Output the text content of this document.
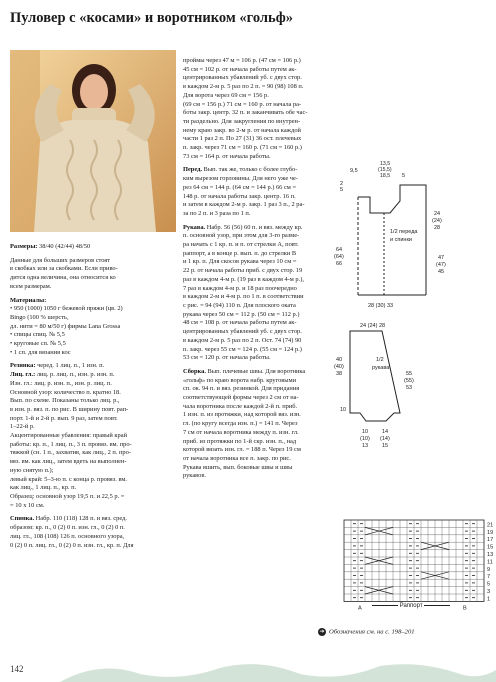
Пуловер с «косами» и воротником «гольф»
Размеры: 38/40 (42/44) 48/50
Данные для больших размеров стоят
в скобках или за скобками. Если приво-
дится одна величина, она относится ко
всем размерам.
Материалы:
• 950 (1000) 1050 г бежевой пряжи (цв. 2)
Bingo (100 % шерсть,
дл. нити = 80 м/50 г) фирмы Lana Grossa
• спицы спиц. № 5,5
• круговые сп. № 5,5
• 1 сп. для вязания кос
Резинка: чеpед. 1 лиц. п., 1 изн. п.
Лиц. гл.: лиц. р. лиц. п., изн. р. изн. п.
Изн. гл.: лиц. р. изн. п., изн. р. лиц. п.
Основной узор: количество п. кратно 18.
Вып. по схеме. Показаны только лиц. р.,
в изн. р. вяз. п. по рис. В ширину повт. рап-
порт. 1-й и 2-й р. вып. 9 раз, затем повт.
1–22-й р.
Акцентированные убавления: правый край
работы: кр. п., 1 лиц. п., 3 п. провяз. вм. про-
тяжкой (сн. 1 п., захватив, как лиц., 2 п. про-
вяз. вм. как лиц., затем вдеть на выполнен-
ную снятую п.);
левый край: 5–3-ю п. с конца р. провяз. вм.
как лиц., 1 лиц. п., кр. п.
Образец: основной узор 19,5 п. и 22,5 р. =
= 10 х 10 см.
Спинка. Набр. 110 (118) 128 п. и вяз. сред.
образом: кр. п., 0 (2) 0 п. изн. гл., 0 (2) 0 п.
лиц. гл., 108 (108) 126 п. основного узора,
0 (2) 0 п. лиц. гл., 0 (2) 0 п. изн. гл., кр. п. Для
проймы через 47 м = 106 р. (47 см = 106 р.)
45 см = 102 р. от начала работы путем ак-
центрированных убавлений уб. с двух стор.
в каждом 2-м р. 5 раз по 2 п. = 90 (98) 108 п.
Для ворота через 69 см = 156 р.
(69 см = 156 р.) 71 см = 160 р. от начала ра-
боты закр. центр. 32 п. и заканчивать обе час-
ти раздельно. Для закругления по внутрен-
нему краю закр. во 2-м р. от начала каждой
части 1 раз 2 п. По 27 (31) 36 ост. плечевых
п. закр. через 71 см = 160 р. (71 см = 160 р.)
73 см = 164 р. от начала работы.
Перед. Вып. так же, только с более глубо-
ким вырезом горловины. Для него уже че-
рез 64 см = 144 р. (64 см = 144 р.) 66 см =
148 р. от начала работы закр. центр. 16 п.
и затем в каждом 2-м р. закр. 1 раз 3 п., 2 ра-
за по 2 п. и 3 раза по 1 п.
Рукава. Набр. 56 (56) 60 п. и вяз. между кр.
п. основной узор, при этом для 3-го разме-
ра начать с 1 кр. п. и п. от стрелки А, повт.
раппорт, а в конце р. вып. п. до стрелки В
и 1 кр. п. Для скосов рукава через 10 см =
22 р. от начала работы приб. с двух стор. 19
раз в каждом 4-м р. (19 раз в каждом 4-м р.),
7 раз в каждом 4-м р. и 18 раз поочередно
в каждом 2-м и 4-м р. по 1 п. в соответствии
с рис. = 94 (94) 110 п. Для плоского оката
рукава через 50 см = 112 р. (50 см = 112 р.)
48 см = 108 р. от начала работы путем ак-
центрированных убавлений уб. с двух стор.
в каждом 2-м р. 5 раз по 2 п. Ост. 74 (74) 90
п. закр. через 55 см = 124 р. (55 см = 124 р.)
53 см = 120 р. от начала работы.
Сборка. Вып. плечевые швы. Для воротника
«гольф» по краю ворота набр. круговыми
сп. ок. 94 п. и вяз. резинкой. Для придания
соответствующей формы через 2 см от на-
чала воротника после каждой 2-й п. приб.
1 изн. п. из протяжки, над которой вяз. изн.
гл. (по кругу всегда изн. п.) = 141 п. Через
7 см от начала воротника между п. изн. гл.
приб. из протяжки по 1-й скр. изн. п., над
которой вязать изн. гл. = 188 п. Через 19 см
от начала воротника все п. закр. по рис.
Рукава вшить, вып. боковые швы и швы
рукавов.
13,5
(15,5)
18,5
9,5
5
2
5
64
(64)
66
24
(24)
28
47
(47)
45
1/2 переда
и спинки
28 (30) 33
24 (24) 28
40
(40)
38
1/2
рукава
55
(55)
53
10
10
(10)
13
14
(14)
15
21
19
17
15
13
11
9
7
5
3
1
А	В
Раппорт
➔ Обозначения см. на с. 198–201
142
